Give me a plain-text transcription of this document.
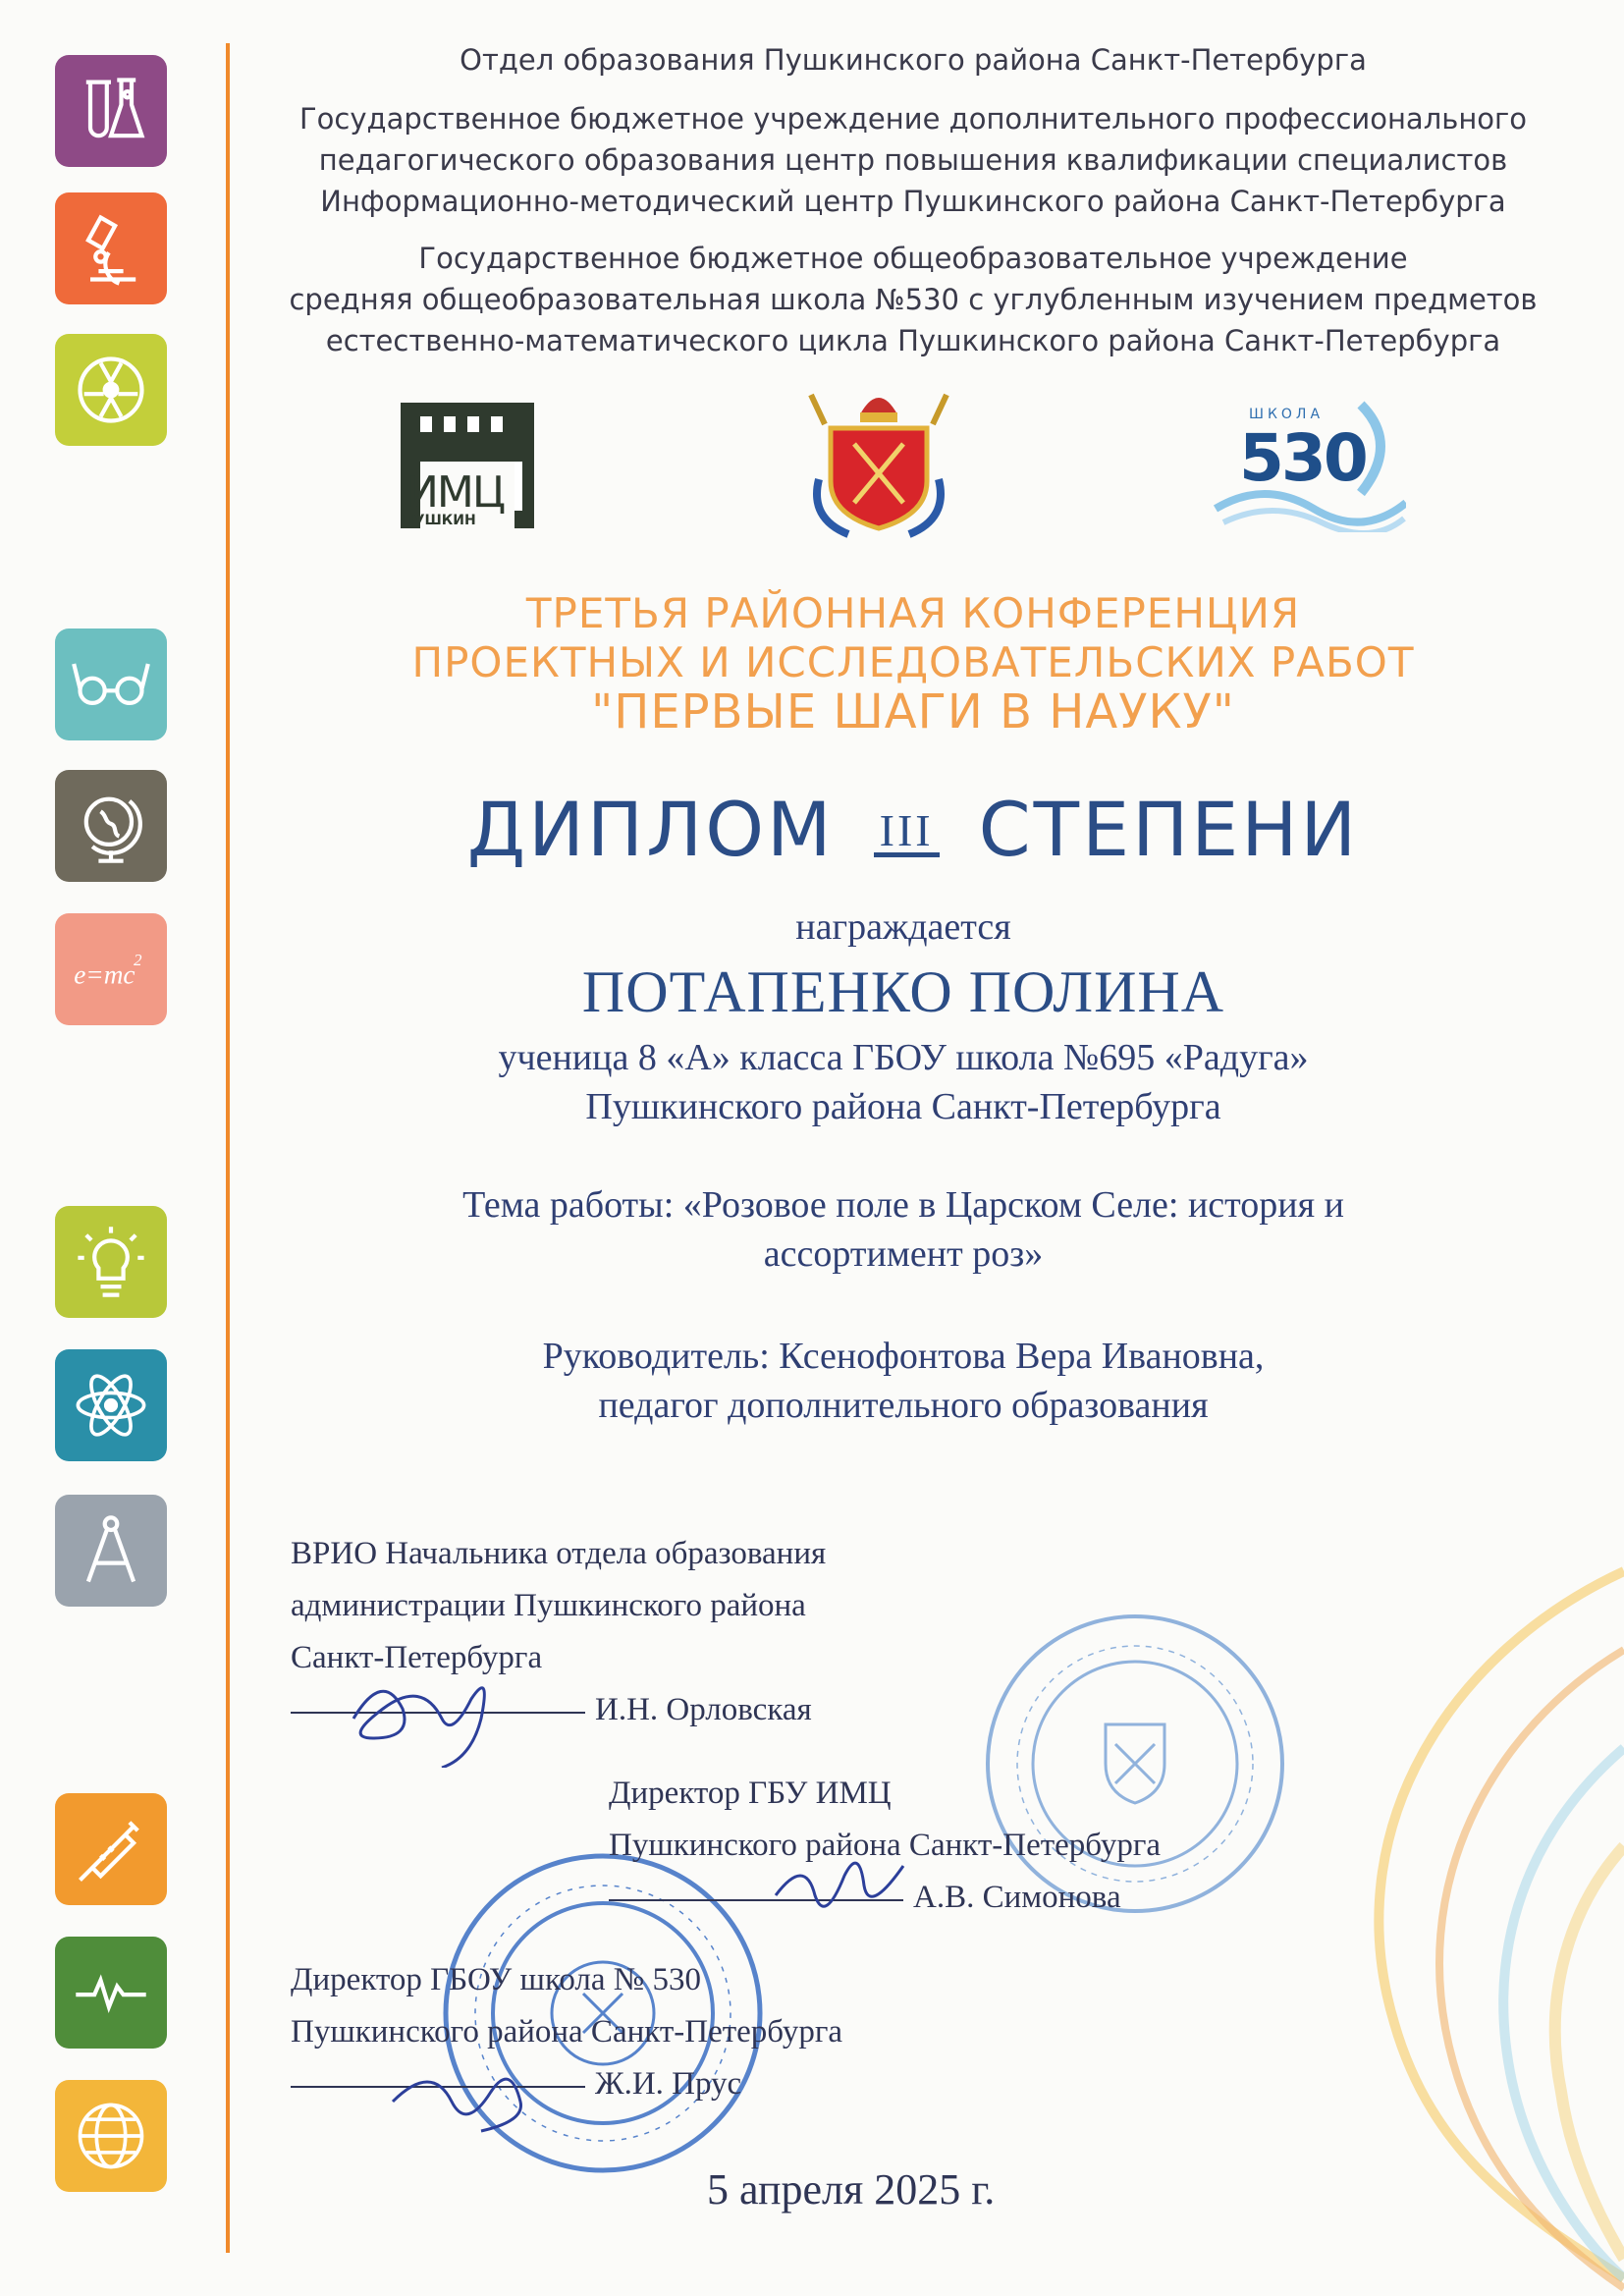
e=mc
2
Отдел образования Пушкинского района Санкт-Петербурга
Государственное бюджетное учреждение дополнительного профессионального
педагогического образования центр повышения квалификации специалистов
Информационно-методический центр Пушкинского района Санкт-Петербурга
Государственное бюджетное общеобразовательное учреждение
средняя общеобразовательная школа №530 с углубленным изучением предметов
естественно-математического цикла Пушкинского района Санкт-Петербурга
ИМЦ
ПУШКИН
ШКОЛА
530
ТРЕТЬЯ РАЙОННАЯ КОНФЕРЕНЦИЯ
ПРОЕКТНЫХ И ИССЛЕДОВАТЕЛЬСКИХ РАБОТ
"ПЕРВЫЕ ШАГИ В НАУКУ"
ДИПЛОМ III СТЕПЕНИ
награждается
ПОТАПЕНКО ПОЛИНА
ученица 8 «А» класса ГБОУ школа №695 «Радуга»
Пушкинского района Санкт-Петербурга
Тема работы: «Розовое поле в Царском Селе: история и
ассортимент роз»
Руководитель: Ксенофонтова Вера Ивановна,
педагог дополнительного образования
ВРИО Начальника отдела образования
администрации Пушкинского района
Санкт-Петербурга
И.Н. Орловская
Директор ГБУ ИМЦ
Пушкинского района Санкт-Петербурга
А.В. Симонова
Директор ГБОУ школа № 530
Пушкинского района Санкт-Петербурга
Ж.И. Прус
5 апреля 2025 г.
